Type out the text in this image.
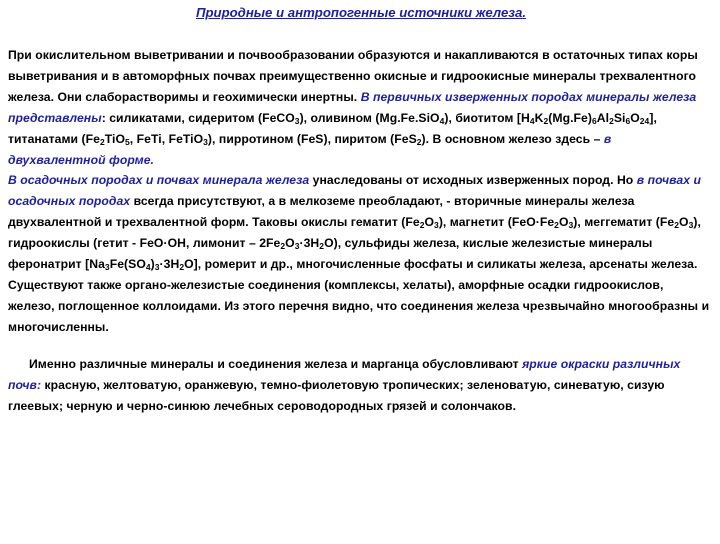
Природные и антропогенные источники железа.

При окислительном выветривании и почвообразовании образуются и накапливаются в остаточных типах коры выветривания и в автоморфных почвах преимущественно окисные и гидроокисные минералы трехвалентного железа. Они слаборастворимы и геохимически инертны. В первичных изверженных породах минералы железа представлены: силикатами, сидеритом (FeCO$_3$), оливином (Mg.Fe.SiO$_4$), биотитом $[H_4K_2(Mg.Fe)_6Al_2Si_6O_{24}]$, титанатами ($Fe_2TiO_5$, FeTi, FeTiO$_3$), пирротином (FeS), пиритом (FeS$_2$). В основном железо здесь – в двухвалентной форме.
В осадочных породах и почвах минерала железа унаследованы от исходных изверженных пород. Но в почвах и осадочных породах всегда присутствуют, а в мелкоземе преобладают, - вторичные минералы железа двухвалентной и трехвалентной форм. Таковы окислы гематит $(Fe_2O_3)$, магнетит $(FeO\cdot Fe_2O_3)$, меггематит $(Fe_2O_3)$, гидроокислы (гетит - FeO·OH, лимонит – $2Fe_2O_3\cdot 3H_2O$), сульфиды железа, кислые железистые минералы феронатрит $[Na_3Fe(SO_4)_3\cdot 3H_2O]$, ромерит и др., многочисленные фосфаты и силикаты железа, арсенаты железа. Существуют также органо-железистые соединения (комплексы, хелаты), аморфные осадки гидроокислов, железо, поглощенное коллоидами. Из этого перечня видно, что соединения железа чрезвычайно многообразны и многочисленны.

Именно различные минералы и соединения железа и марганца обусловливают яркие окраски различных почв: красную, желтоватую, оранжевую, темно-фиолетовую тропических; зеленоватую, синеватую, сизую глеевых; черную и черно-синюю лечебных сероводородных грязей и солончаков.
